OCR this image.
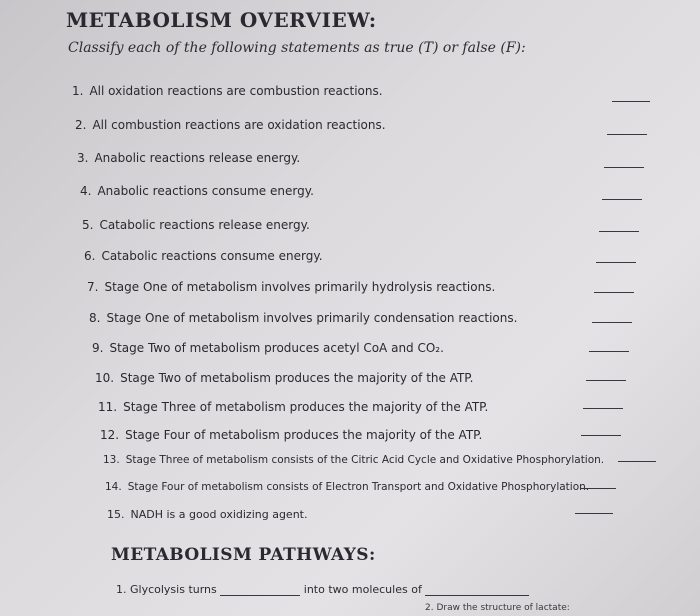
METABOLISM OVERVIEW:
Classify each of the following statements as true (T) or false (F):
1. All oxidation reactions are combustion reactions.
2. All combustion reactions are oxidation reactions.
3. Anabolic reactions release energy.
4. Anabolic reactions consume energy.
5. Catabolic reactions release energy.
6. Catabolic reactions consume energy.
7. Stage One of metabolism involves primarily hydrolysis reactions.
8. Stage One of metabolism involves primarily condensation reactions.
9. Stage Two of metabolism produces acetyl CoA and CO₂.
10. Stage Two of metabolism produces the majority of the ATP.
11. Stage Three of metabolism produces the majority of the ATP.
12. Stage Four of metabolism produces the majority of the ATP.
13. Stage Three of metabolism consists of the Citric Acid Cycle and Oxidative Phosphorylation.
14. Stage Four of metabolism consists of Electron Transport and Oxidative Phosphorylation.
15. NADH is a good oxidizing agent.
METABOLISM PATHWAYS:
1. Glycolysis turns	into two molecules of
2. Draw the structure of lactate:
